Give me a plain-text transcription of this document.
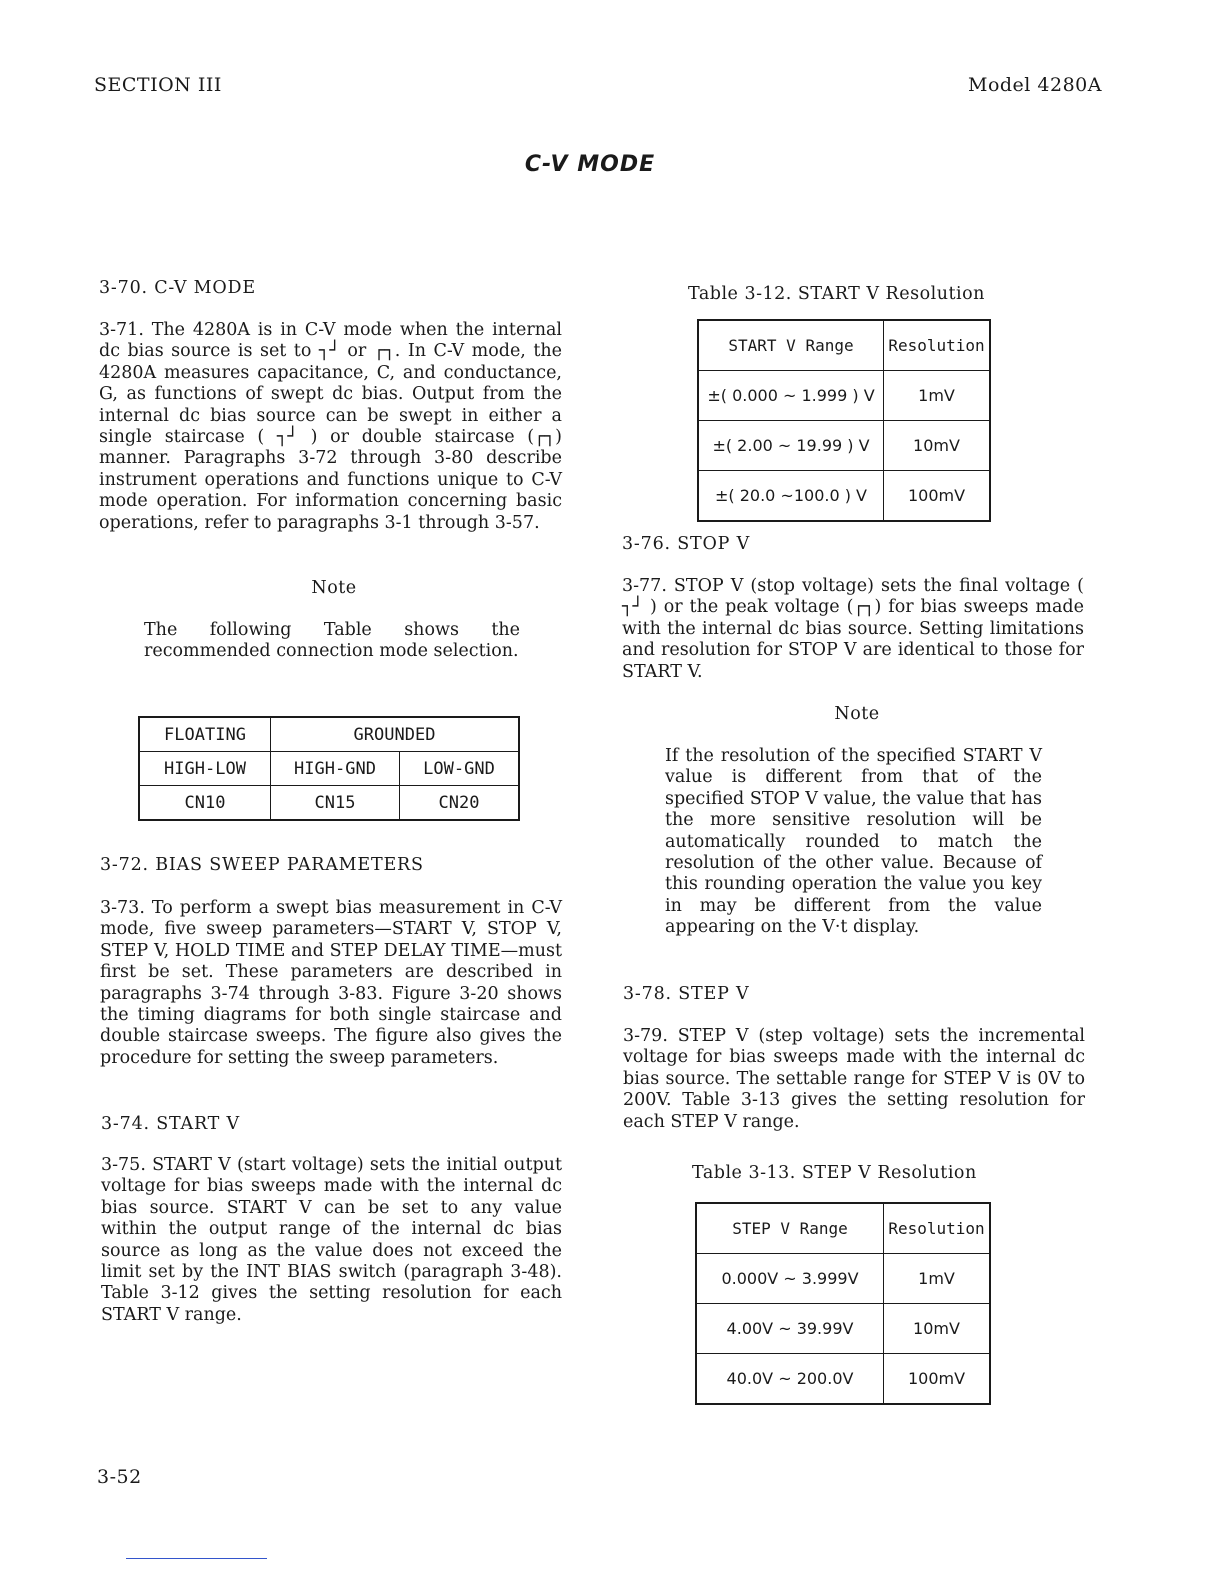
SECTION III	Model 4280A
C-V MODE
3-70. C-V MODE

3-71. The 4280A is in C-V mode when the internal dc bias source is set to ┐┘ or ┌┐. In C-V mode, the 4280A measures capacitance, C, and conductance, G, as functions of swept dc bias. Output from the internal dc bias source can be swept in either a single staircase ( ┐┘ ) or double staircase (┌┐) manner. Paragraphs 3-72 through 3-80 describe instrument operations and functions unique to C-V mode operation. For information concerning basic operations, refer to paragraphs 3-1 through 3-57.

Note

The following Table shows the recommended connection mode selection.

FLOATING	GROUNDED	
HIGH-LOW	HIGH-GND	LOW-GND
CN10	CN15	CN20
3-72. BIAS SWEEP PARAMETERS

3-73. To perform a swept bias measurement in C-V mode, five sweep parameters—START V, STOP V, STEP V, HOLD TIME and STEP DELAY TIME—must first be set. These parameters are described in paragraphs 3-74 through 3-83. Figure 3-20 shows the timing diagrams for both single staircase and double staircase sweeps. The figure also gives the procedure for setting the sweep parameters.

3-74. START V

3-75. START V (start voltage) sets the initial output voltage for bias sweeps made with the internal dc bias source. START V can be set to any value within the output range of the internal dc bias source as long as the value does not exceed the limit set by the INT BIAS switch (paragraph 3-48). Table 3-12 gives the setting resolution for each START V range.

Table 3-12. START V Resolution
START V Range	Resolution
±( 0.000 ~ 1.999 ) V	1mV
±( 2.00 ~ 19.99 ) V	10mV
±( 20.0 ~100.0 ) V	100mV
3-76. STOP V

3-77. STOP V (stop voltage) sets the final voltage ( ┐┘ ) or the peak voltage (┌┐) for bias sweeps made with the internal dc bias source. Setting limitations and resolution for STOP V are identical to those for START V.

Note

If the resolution of the specified START V value is different from that of the specified STOP V value, the value that has the more sensitive resolution will be automatically rounded to match the resolution of the other value. Because of this rounding operation the value you key in may be different from the value appearing on the V·t display.

3-78. STEP V

3-79. STEP V (step voltage) sets the incremental voltage for bias sweeps made with the internal dc bias source. The settable range for STEP V is 0V to 200V. Table 3-13 gives the setting resolution for each STEP V range.

Table 3-13. STEP V Resolution
STEP V Range	Resolution
0.000V ~ 3.999V	1mV
4.00V ~ 39.99V	10mV
40.0V ~ 200.0V	100mV
3-52
